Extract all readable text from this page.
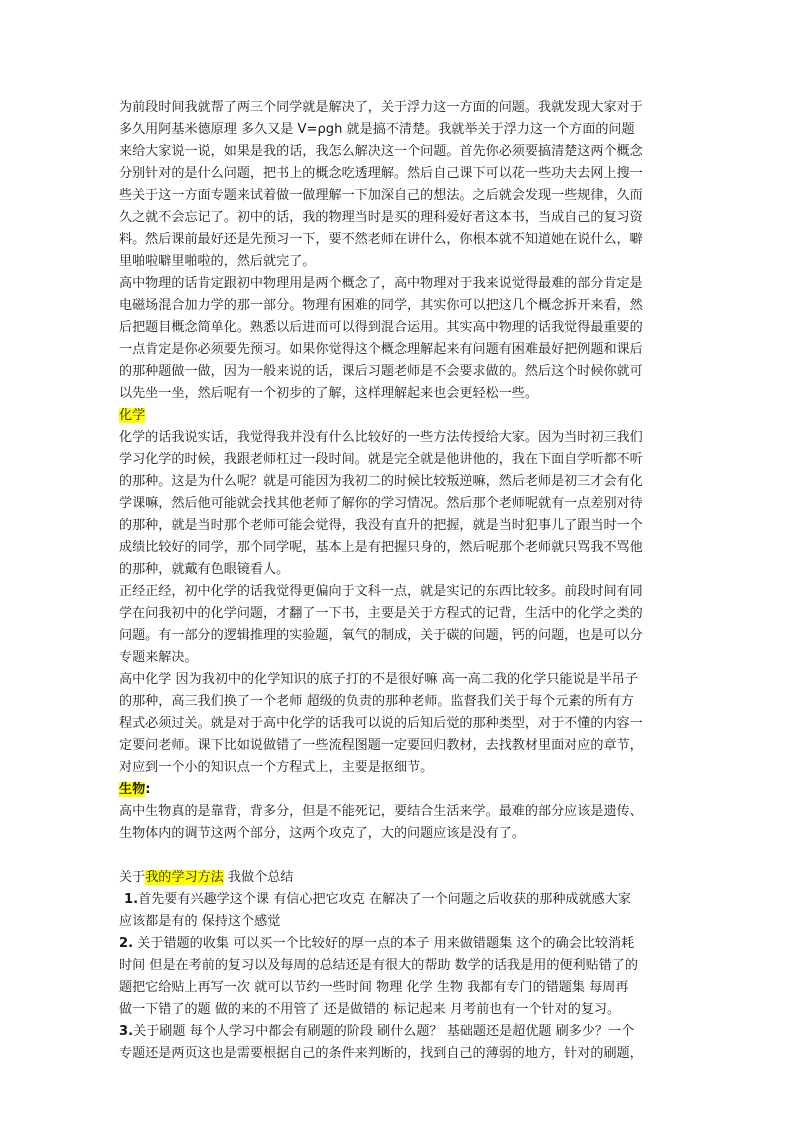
为前段时间我就帮了两三个同学就是解决了，关于浮力这一方面的问题。我就发现大家对于
多久用阿基米德原理 多久又是 V=ρgh 就是搞不清楚。我就举关于浮力这一个方面的问题
来给大家说一说，如果是我的话，我怎么解决这一个问题。首先你必须要搞清楚这两个概念
分别针对的是什么问题，把书上的概念吃透理解。然后自己课下可以花一些功夫去网上搜一
些关于这一方面专题来试着做一做理解一下加深自己的想法。之后就会发现一些规律，久而
久之就不会忘记了。初中的话，我的物理当时是买的理科爱好者这本书，当成自己的复习资
料。然后课前最好还是先预习一下，要不然老师在讲什么，你根本就不知道她在说什么，噼
里啪啦噼里啪啦的，然后就完了。
高中物理的话肯定跟初中物理用是两个概念了，高中物理对于我来说觉得最难的部分肯定是
电磁场混合加力学的那一部分。物理有困难的同学，其实你可以把这几个概念拆开来看，然
后把题目概念简单化。熟悉以后进而可以得到混合运用。其实高中物理的话我觉得最重要的
一点肯定是你必须要先预习。如果你觉得这个概念理解起来有问题有困难最好把例题和课后
的那种题做一做，因为一般来说的话，课后习题老师是不会要求做的。然后这个时候你就可
以先坐一坐，然后呢有一个初步的了解，这样理解起来也会更轻松一些。
化学
化学的话我说实话，我觉得我并没有什么比较好的一些方法传授给大家。因为当时初三我们
学习化学的时候，我跟老师杠过一段时间。就是完全就是他讲他的，我在下面自学听都不听
的那种。这是为什么呢？就是可能因为我初二的时候比较叛逆嘛，然后老师是初三才会有化
学课嘛，然后他可能就会找其他老师了解你的学习情况。然后那个老师呢就有一点差别对待
的那种，就是当时那个老师可能会觉得，我没有直升的把握，就是当时犯事儿了跟当时一个
成绩比较好的同学，那个同学呢，基本上是有把握只身的，然后呢那个老师就只骂我不骂他
的那种，就戴有色眼镜看人。
正经正经，初中化学的话我觉得更偏向于文科一点，就是实记的东西比较多。前段时间有同
学在问我初中的化学问题，才翻了一下书，主要是关于方程式的记背，生活中的化学之类的
问题。有一部分的逻辑推理的实验题，氧气的制成，关于碳的问题，钙的问题，也是可以分
专题来解决。
高中化学 因为我初中的化学知识的底子打的不是很好嘛 高一高二我的化学只能说是半吊子
的那种，高三我们换了一个老师 超级的负责的那种老师。监督我们关于每个元素的所有方
程式必须过关。就是对于高中化学的话我可以说的后知后觉的那种类型，对于不懂的内容一
定要问老师。课下比如说做错了一些流程图题一定要回归教材，去找教材里面对应的章节，
对应到一个小的知识点一个方程式上，主要是抠细节。
生物:
高中生物真的是靠背，背多分，但是不能死记，要结合生活来学。最难的部分应该是遗传、
生物体内的调节这两个部分，这两个攻克了，大的问题应该是没有了。
关于我的学习方法 我做个总结
1.首先要有兴趣学这个课 有信心把它攻克 在解决了一个问题之后收获的那种成就感大家
应该都是有的 保持这个感觉
2. 关于错题的收集 可以买一个比较好的厚一点的本子 用来做错题集 这个的确会比较消耗
时间 但是在考前的复习以及每周的总结还是有很大的帮助 数学的话我是用的便利贴错了的
题把它给贴上再写一次 就可以节约一些时间 物理 化学 生物 我都有专门的错题集 每周再
做一下错了的题 做的来的不用管了 还是做错的 标记起来 月考前也有一个针对的复习。
3.关于刷题 每个人学习中都会有刷题的阶段 刷什么题？ 基础题还是超优题 刷多少？一个
专题还是两页这也是需要根据自己的条件来判断的，找到自己的薄弱的地方，针对的刷题，
